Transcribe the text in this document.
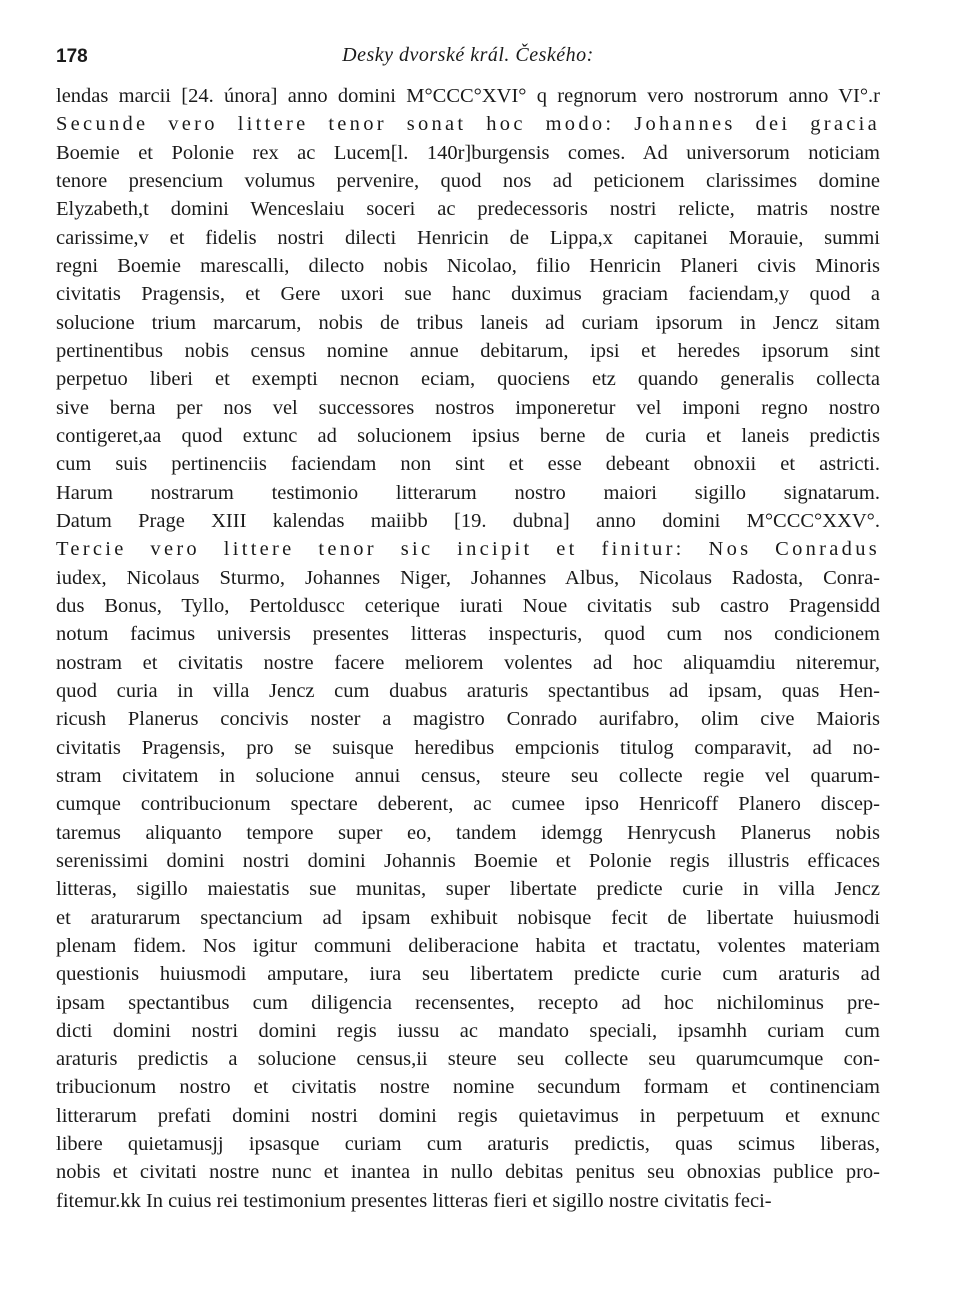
178	Desky dvorské král. Českého:
lendas marcii [24. února] anno domini M°CCC°XVI° q regnorum vero nostrorum anno VI°.r
Secunde vero littere tenor sonat hoc modo: Johannes dei gracia
Boemie et Polonie rex ac Lucem[l. 140r]burgensis comes. Ad universorum noticiam
tenore presencium volumus pervenire, quod nos ad peticionem clarissimes domine
Elyzabeth,t domini Wenceslaiu soceri ac predecessoris nostri relicte, matris nostre
carissime,v et fidelis nostri dilecti Henricin de Lippa,x capitanei Morauie, summi
regni Boemie marescalli, dilecto nobis Nicolao, filio Henricin Planeri civis Minoris
civitatis Pragensis, et Gere uxori sue hanc duximus graciam faciendam,y quod a
solucione trium marcarum, nobis de tribus laneis ad curiam ipsorum in Jencz sitam
pertinentibus nobis census nomine annue debitarum, ipsi et heredes ipsorum sint
perpetuo liberi et exempti necnon eciam, quociens etz quando generalis collecta
sive berna per nos vel successores nostros imponeretur vel imponi regno nostro
contigeret,aa quod extunc ad solucionem ipsius berne de curia et laneis predictis
cum suis pertinenciis faciendam non sint et esse debeant obnoxii et astricti.
Harum nostrarum testimonio litterarum nostro maiori sigillo signatarum.
Datum Prage XIII kalendas maiibb [19. dubna] anno domini M°CCC°XXV°.
Tercie vero littere tenor sic incipit et finitur: Nos Conradus
iudex, Nicolaus Sturmo, Johannes Niger, Johannes Albus, Nicolaus Radosta, Conra-
dus Bonus, Tyllo, Pertolduscc ceterique iurati Noue civitatis sub castro Pragensidd
notum facimus universis presentes litteras inspecturis, quod cum nos condicionem
nostram et civitatis nostre facere meliorem volentes ad hoc aliquamdiu niteremur,
quod curia in villa Jencz cum duabus araturis spectantibus ad ipsam, quas Hen-
ricush Planerus concivis noster a magistro Conrado aurifabro, olim cive Maioris
civitatis Pragensis, pro se suisque heredibus empcionis titulog comparavit, ad no-
stram civitatem in solucione annui census, steure seu collecte regie vel quarum-
cumque contribucionum spectare deberent, ac cumee ipso Henricoff Planero discep-
taremus aliquanto tempore super eo, tandem idemgg Henrycush Planerus nobis
serenissimi domini nostri domini Johannis Boemie et Polonie regis illustris efficaces
litteras, sigillo maiestatis sue munitas, super libertate predicte curie in villa Jencz
et araturarum spectancium ad ipsam exhibuit nobisque fecit de libertate huiusmodi
plenam fidem. Nos igitur communi deliberacione habita et tractatu, volentes materiam
questionis huiusmodi amputare, iura seu libertatem predicte curie cum araturis ad
ipsam spectantibus cum diligencia recensentes, recepto ad hoc nichilominus pre-
dicti domini nostri domini regis iussu ac mandato speciali, ipsamhh curiam cum
araturis predictis a solucione census,ii steure seu collecte seu quarumcumque con-
tribucionum nostro et civitatis nostre nomine secundum formam et continenciam
litterarum prefati domini nostri domini regis quietavimus in perpetuum et exnunc
libere quietamusjj ipsasque curiam cum araturis predictis, quas scimus liberas,
nobis et civitati nostre nunc et inantea in nullo debitas penitus seu obnoxias publice pro-
fitemur.kk In cuius rei testimonium presentes litteras fieri et sigillo nostre civitatis feci-
